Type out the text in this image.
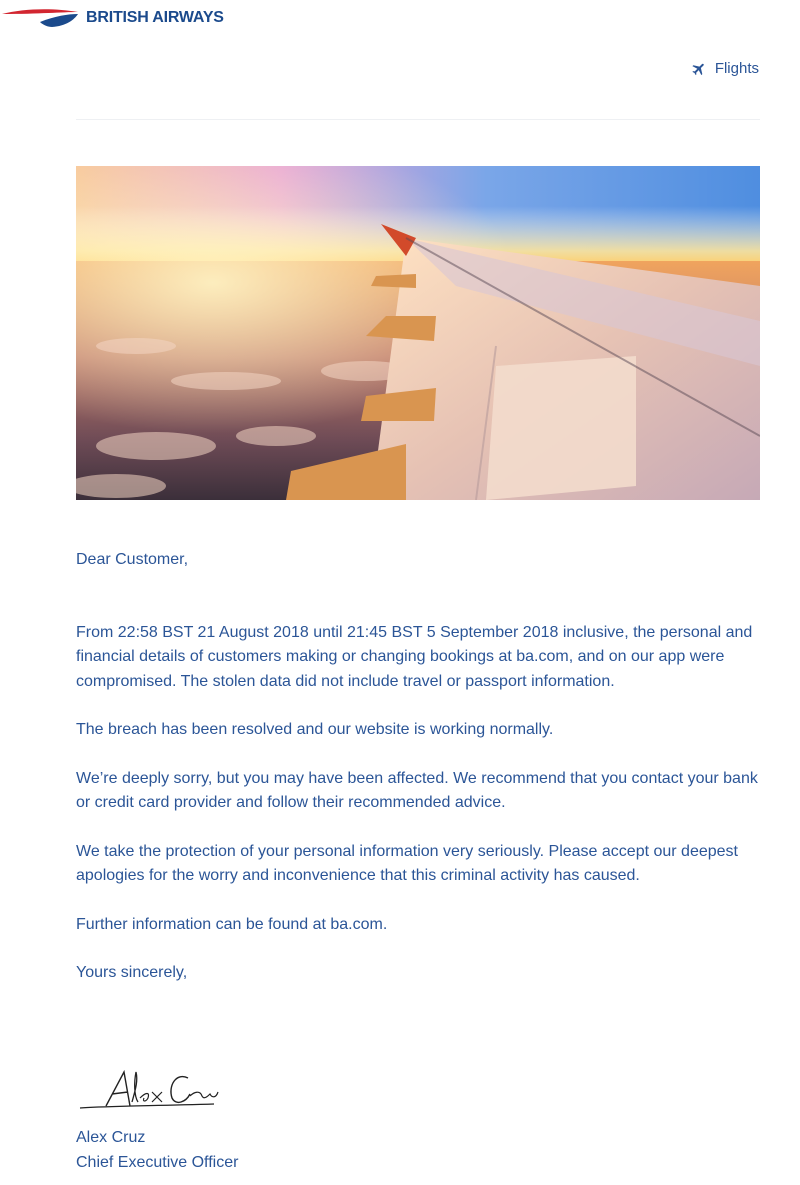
BRITISH AIRWAYS
Flights

Dear Customer,

From 22:58 BST 21 August 2018 until 21:45 BST 5 September 2018 inclusive, the personal and financial details of customers making or changing bookings at ba.com, and on our app were compromised. The stolen data did not include travel or passport information.

The breach has been resolved and our website is working normally.

We’re deeply sorry, but you may have been affected. We recommend that you contact your bank or credit card provider and follow their recommended advice.

We take the protection of your personal information very seriously. Please accept our deepest apologies for the worry and inconvenience that this criminal activity has caused.

Further information can be found at ba.com.

Yours sincerely,

Alex Cruz
Chief Executive Officer
